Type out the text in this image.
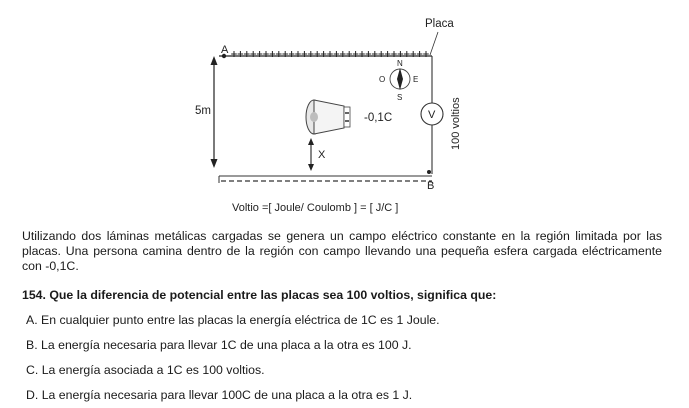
A
Placa
V 100 voltios
B
5m
-0,1C
X
N
S
E
O
Voltio =[ Joule/ Coulomb ] = [ J/C ]

Utilizando dos láminas metálicas cargadas se genera un campo eléctrico constante en la región limitada por las placas. Una persona camina dentro de la región con campo llevando una pequeña esfera cargada eléctricamente con -0,1C.

154. Que la diferencia de potencial entre las placas sea 100 voltios, significa que:

A. En cualquier punto entre las placas la energía eléctrica de 1C es 1 Joule.

B. La energía necesaria para llevar 1C de una placa a la otra es 100 J.

C. La energía asociada a 1C es 100 voltios.

D. La energía necesaria para llevar 100C de una placa a la otra es 1 J.
